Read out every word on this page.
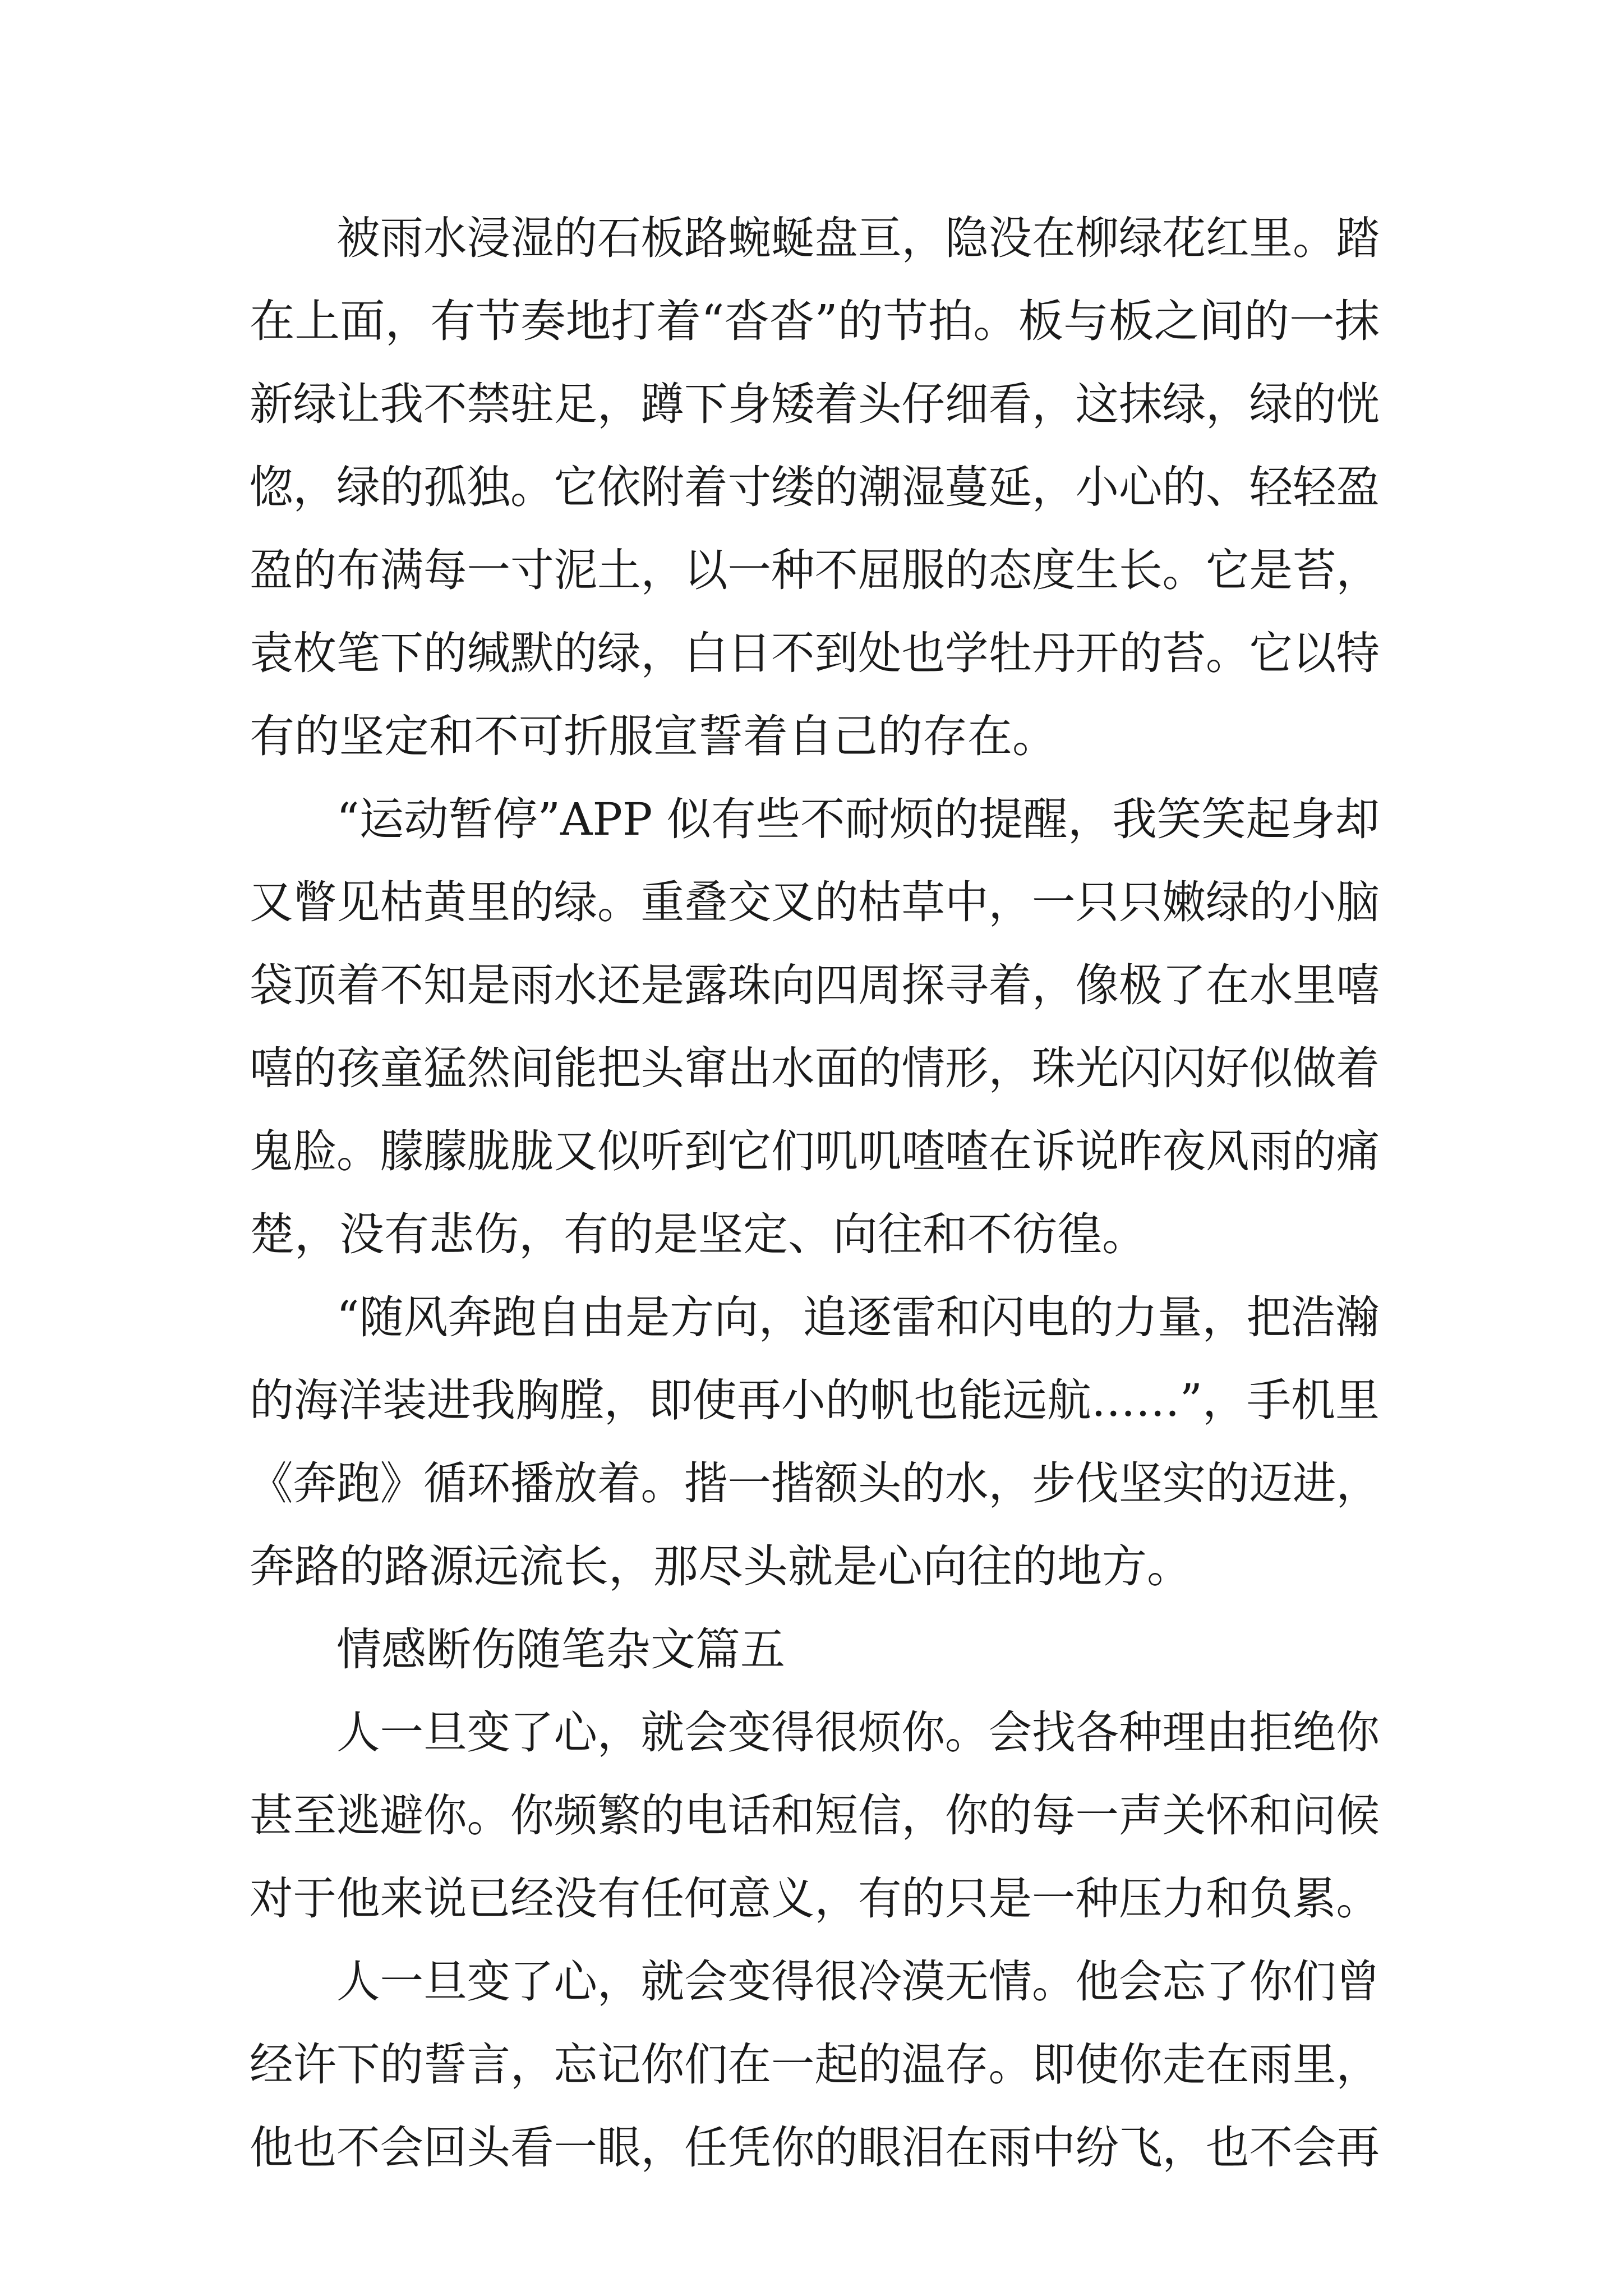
被雨水浸湿的石板路蜿蜒盘亘，隐没在柳绿花红里。踏

在上面，有节奏地打着“沓沓”的节拍。板与板之间的一抹

新绿让我不禁驻足，蹲下身矮着头仔细看，这抹绿，绿的恍

惚，绿的孤独。它依附着寸缕的潮湿蔓延，小心的、轻轻盈

盈的布满每一寸泥土，以一种不屈服的态度生长。它是苔，

袁枚笔下的缄默的绿，白日不到处也学牡丹开的苔。它以特

有的坚定和不可折服宣誓着自己的存在。

“运动暂停”APP 似有些不耐烦的提醒，我笑笑起身却

又瞥见枯黄里的绿。重叠交叉的枯草中，一只只嫩绿的小脑

袋顶着不知是雨水还是露珠向四周探寻着，像极了在水里嘻

嘻的孩童猛然间能把头窜出水面的情形，珠光闪闪好似做着

鬼脸。朦朦胧胧又似听到它们叽叽喳喳在诉说昨夜风雨的痛

楚，没有悲伤，有的是坚定、向往和不彷徨。

“随风奔跑自由是方向，追逐雷和闪电的力量，把浩瀚

的海洋装进我胸膛，即使再小的帆也能远航……”，手机里

《奔跑》循环播放着。揩一揩额头的水，步伐坚实的迈进，

奔路的路源远流长，那尽头就是心向往的地方。

情感断伤随笔杂文篇五

人一旦变了心，就会变得很烦你。会找各种理由拒绝你

甚至逃避你。你频繁的电话和短信，你的每一声关怀和问候

对于他来说已经没有任何意义，有的只是一种压力和负累。

人一旦变了心，就会变得很冷漠无情。他会忘了你们曾

经许下的誓言，忘记你们在一起的温存。即使你走在雨里，

他也不会回头看一眼，任凭你的眼泪在雨中纷飞，也不会再
